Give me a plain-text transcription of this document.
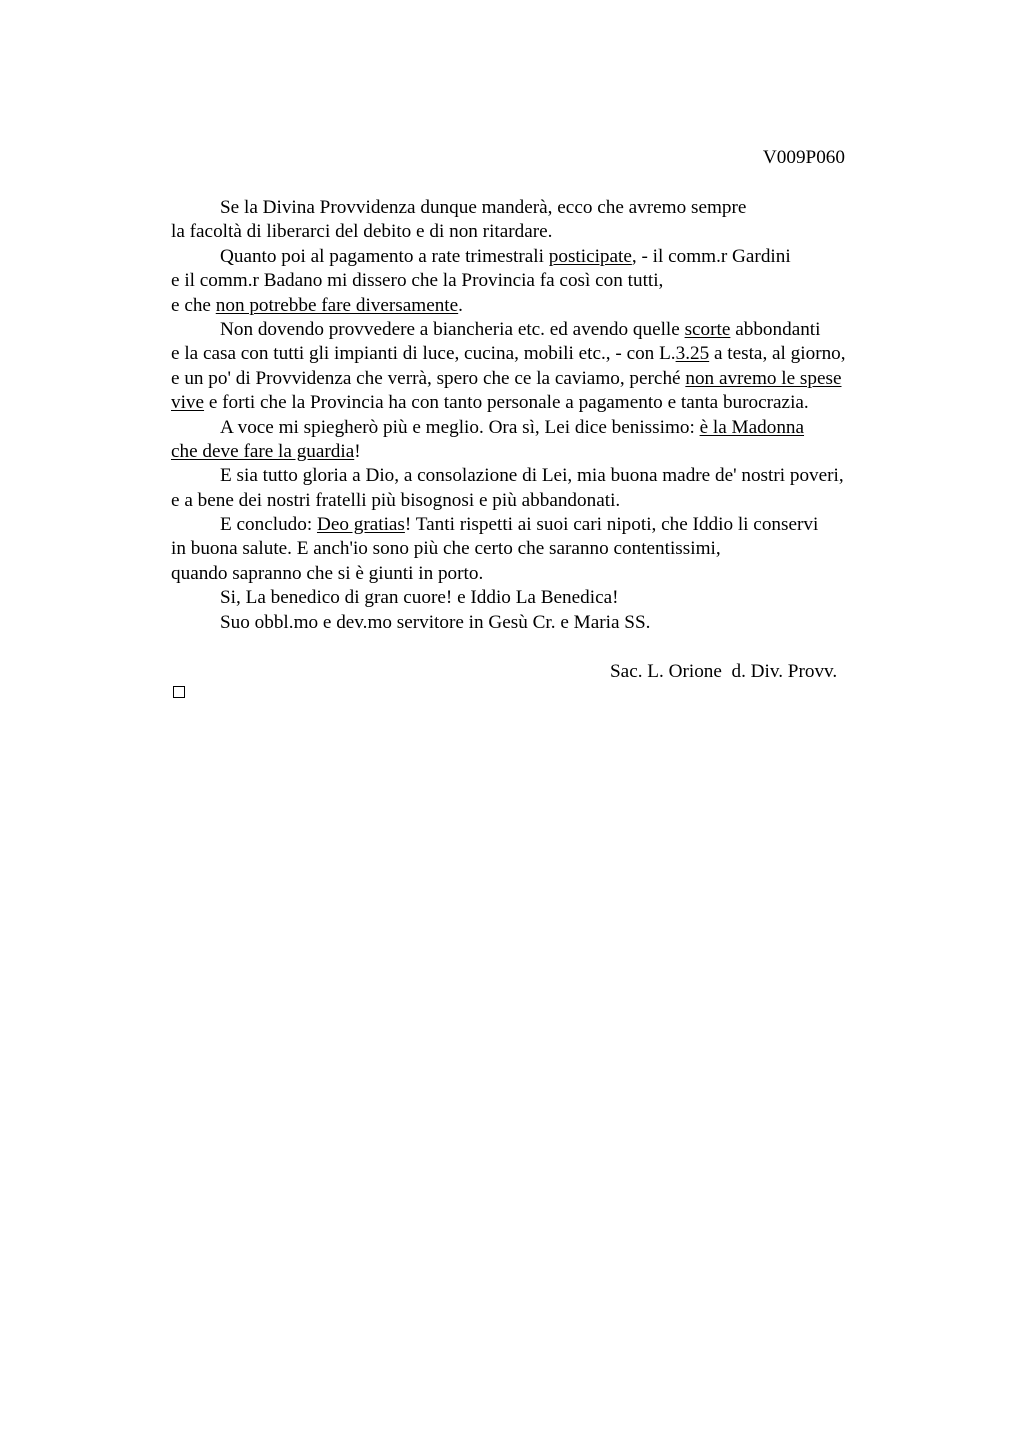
V009P060
Se la Divina Provvidenza dunque manderà, ecco che avremo sempre
la facoltà di liberarci del debito e di non ritardare.
Quanto poi al pagamento a rate trimestrali posticipate, - il comm.r Gardini
e il comm.r Badano mi dissero che la Provincia fa così con tutti,
e che non potrebbe fare diversamente.
Non dovendo provvedere a biancheria etc. ed avendo quelle scorte abbondanti
e la casa con tutti gli impianti di luce, cucina, mobili etc., - con L.3.25 a testa, al giorno,
e un po' di Provvidenza che verrà, spero che ce la caviamo, perché non avremo le spese
vive e forti che la Provincia ha con tanto personale a pagamento e tanta burocrazia.
A voce mi spiegherò più e meglio. Ora sì, Lei dice benissimo: è la Madonna
che deve fare la guardia!
E sia tutto gloria a Dio, a consolazione di Lei, mia buona madre de' nostri poveri,
e a bene dei nostri fratelli più bisognosi e più abbandonati.
E concludo: Deo gratias! Tanti rispetti ai suoi cari nipoti, che Iddio li conservi
in buona salute. E anch'io sono più che certo che saranno contentissimi,
quando sapranno che si è giunti in porto.
Si, La benedico di gran cuore! e Iddio La Benedica!
Suo obbl.mo e dev.mo servitore in Gesù Cr. e Maria SS.
Sac. L. Orione  d. Div. Provv.
